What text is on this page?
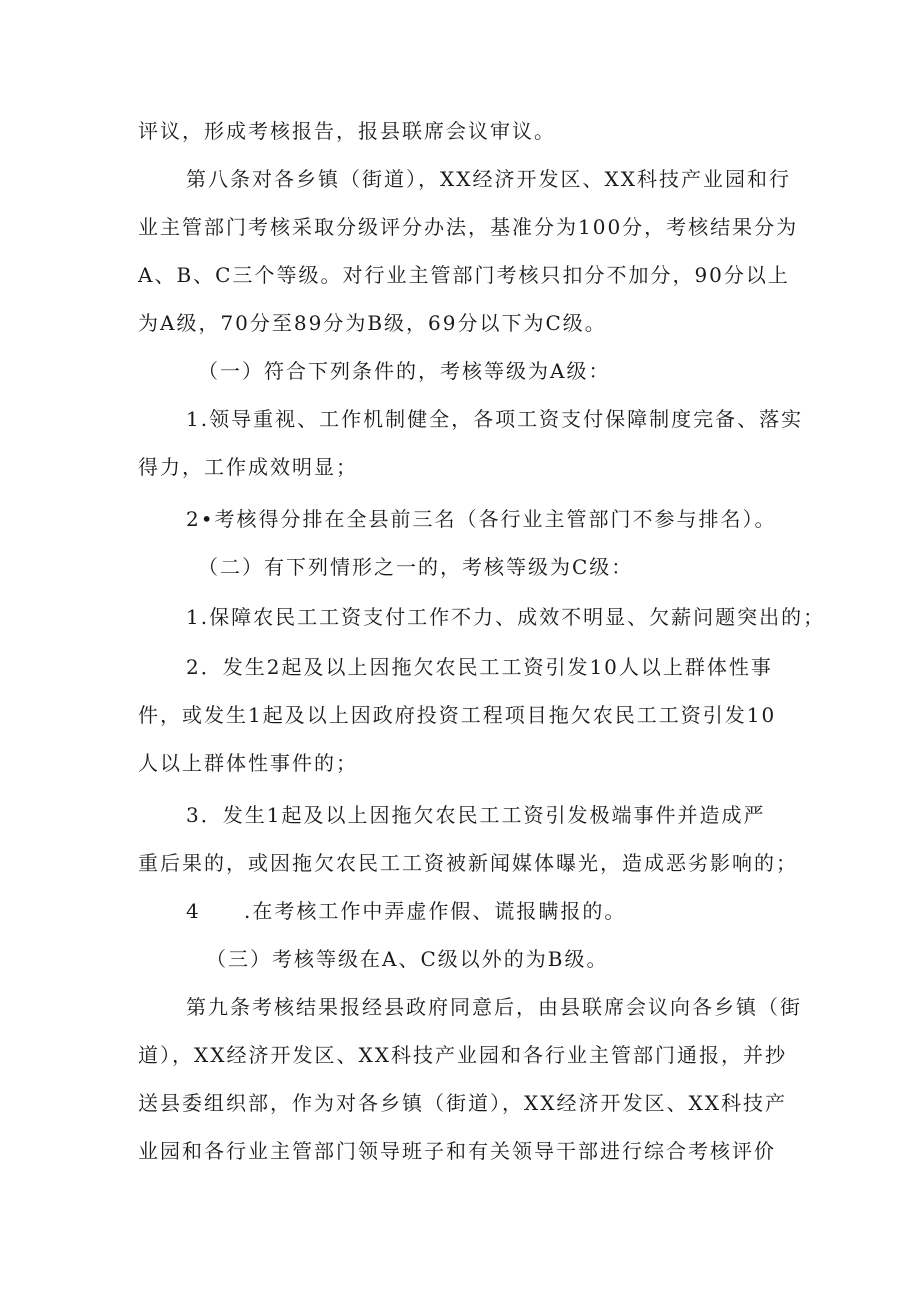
评议，形成考核报告，报县联席会议审议。
第八条对各乡镇（街道），XX经济开发区、XX科技产业园和行
业主管部门考核采取分级评分办法，基准分为100分，考核结果分为
A、B、C三个等级。对行业主管部门考核只扣分不加分，90分以上
为A级，70分至89分为B级，69分以下为C级。
（一）符合下列条件的，考核等级为A级：
1.领导重视、工作机制健全，各项工资支付保障制度完备、落实
得力，工作成效明显；
2•考核得分排在全县前三名（各行业主管部门不参与排名）。
（二）有下列情形之一的，考核等级为C级：
1.保障农民工工资支付工作不力、成效不明显、欠薪问题突出的；
2．发生2起及以上因拖欠农民工工资引发10人以上群体性事
件，或发生1起及以上因政府投资工程项目拖欠农民工工资引发10
人以上群体性事件的；
3．发生1起及以上因拖欠农民工工资引发极端事件并造成严
重后果的，或因拖欠农民工工资被新闻媒体曝光，造成恶劣影响的；
4 .在考核工作中弄虚作假、谎报瞒报的。
（三）考核等级在A、C级以外的为B级。
第九条考核结果报经县政府同意后，由县联席会议向各乡镇（街
道），XX经济开发区、XX科技产业园和各行业主管部门通报，并抄
送县委组织部，作为对各乡镇（街道），XX经济开发区、XX科技产
业园和各行业主管部门领导班子和有关领导干部进行综合考核评价
